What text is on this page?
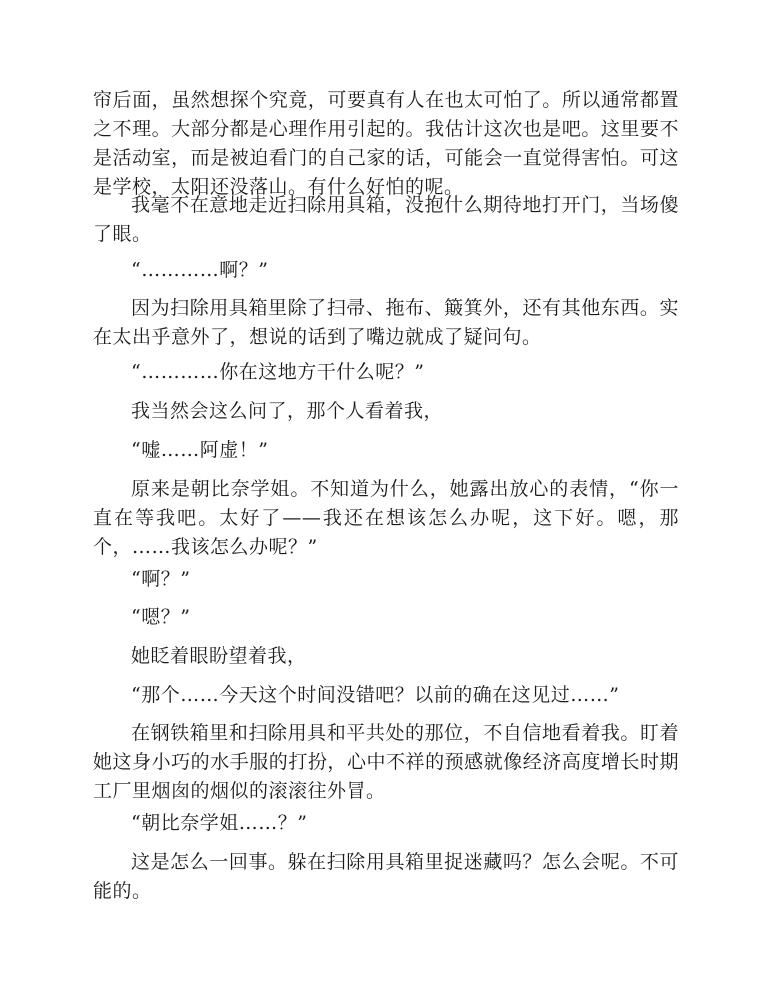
帘后面，虽然想探个究竟，可要真有人在也太可怕了。所以通常都置之不理。大部分都是心理作用引起的。我估计这次也是吧。这里要不是活动室，而是被迫看门的自己家的话，可能会一直觉得害怕。可这是学校，太阳还没落山。有什么好怕的呢。

我毫不在意地走近扫除用具箱，没抱什么期待地打开门，当场傻了眼。

“…………啊？”

因为扫除用具箱里除了扫帚、拖布、簸箕外，还有其他东西。实在太出乎意外了，想说的话到了嘴边就成了疑问句。

“…………你在这地方干什么呢？”

我当然会这么问了，那个人看着我，

“嘘……阿虚！”

原来是朝比奈学姐。不知道为什么，她露出放心的表情，“你一直在等我吧。太好了——我还在想该怎么办呢，这下好。嗯，那个，……我该怎么办呢？”

“啊？”

“嗯？”

她眨着眼盼望着我，

“那个……今天这个时间没错吧？以前的确在这见过……”

在钢铁箱里和扫除用具和平共处的那位，不自信地看着我。盯着她这身小巧的水手服的打扮，心中不祥的预感就像经济高度增长时期工厂里烟囱的烟似的滚滚往外冒。

“朝比奈学姐……？”

这是怎么一回事。躲在扫除用具箱里捉迷藏吗？怎么会呢。不可能的。
